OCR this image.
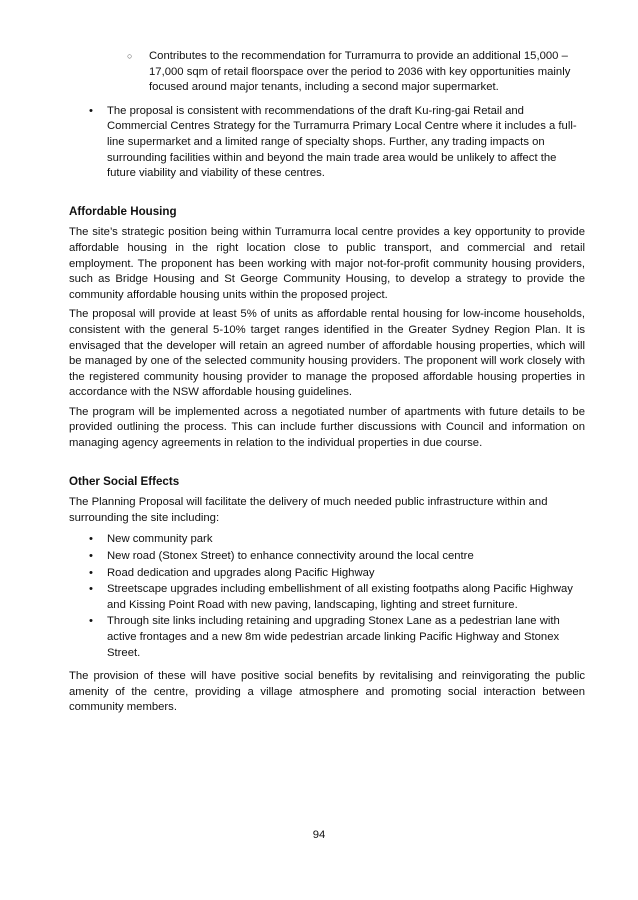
○	Contributes to the recommendation for Turramurra to provide an additional 15,000 – 17,000 sqm of retail floorspace over the period to 2036 with key opportunities mainly focused around major tenants, including a second major supermarket.

•	The proposal is consistent with recommendations of the draft Ku-ring-gai Retail and Commercial Centres Strategy for the Turramurra Primary Local Centre where it includes a full-line supermarket and a limited range of specialty shops. Further, any trading impacts on surrounding facilities within and beyond the main trade area would be unlikely to affect the future viability and viability of these centres.

Affordable Housing

The site’s strategic position being within Turramurra local centre provides a key opportunity to provide affordable housing in the right location close to public transport, and commercial and retail employment. The proponent has been working with major not-for-profit community housing providers, such as Bridge Housing and St George Community Housing, to develop a strategy to provide the community affordable housing units within the proposed project.

The proposal will provide at least 5% of units as affordable rental housing for low-income households, consistent with the general 5-10% target ranges identified in the Greater Sydney Region Plan. It is envisaged that the developer will retain an agreed number of affordable housing properties, which will be managed by one of the selected community housing providers. The proponent will work closely with the registered community housing provider to manage the proposed affordable housing properties in accordance with the NSW affordable housing guidelines.

The program will be implemented across a negotiated number of apartments with future details to be provided outlining the process. This can include further discussions with Council and information on managing agency agreements in relation to the individual properties in due course.

Other Social Effects

The Planning Proposal will facilitate the delivery of much needed public infrastructure within and surrounding the site including:

•	New community park

•	New road (Stonex Street) to enhance connectivity around the local centre

•	Road dedication and upgrades along Pacific Highway

•	Streetscape upgrades including embellishment of all existing footpaths along Pacific Highway and Kissing Point Road with new paving, landscaping, lighting and street furniture.

•	Through site links including retaining and upgrading Stonex Lane as a pedestrian lane with active frontages and a new 8m wide pedestrian arcade linking Pacific Highway and Stonex Street.

The provision of these will have positive social benefits by revitalising and reinvigorating the public amenity of the centre, providing a village atmosphere and promoting social interaction between community members.

94
